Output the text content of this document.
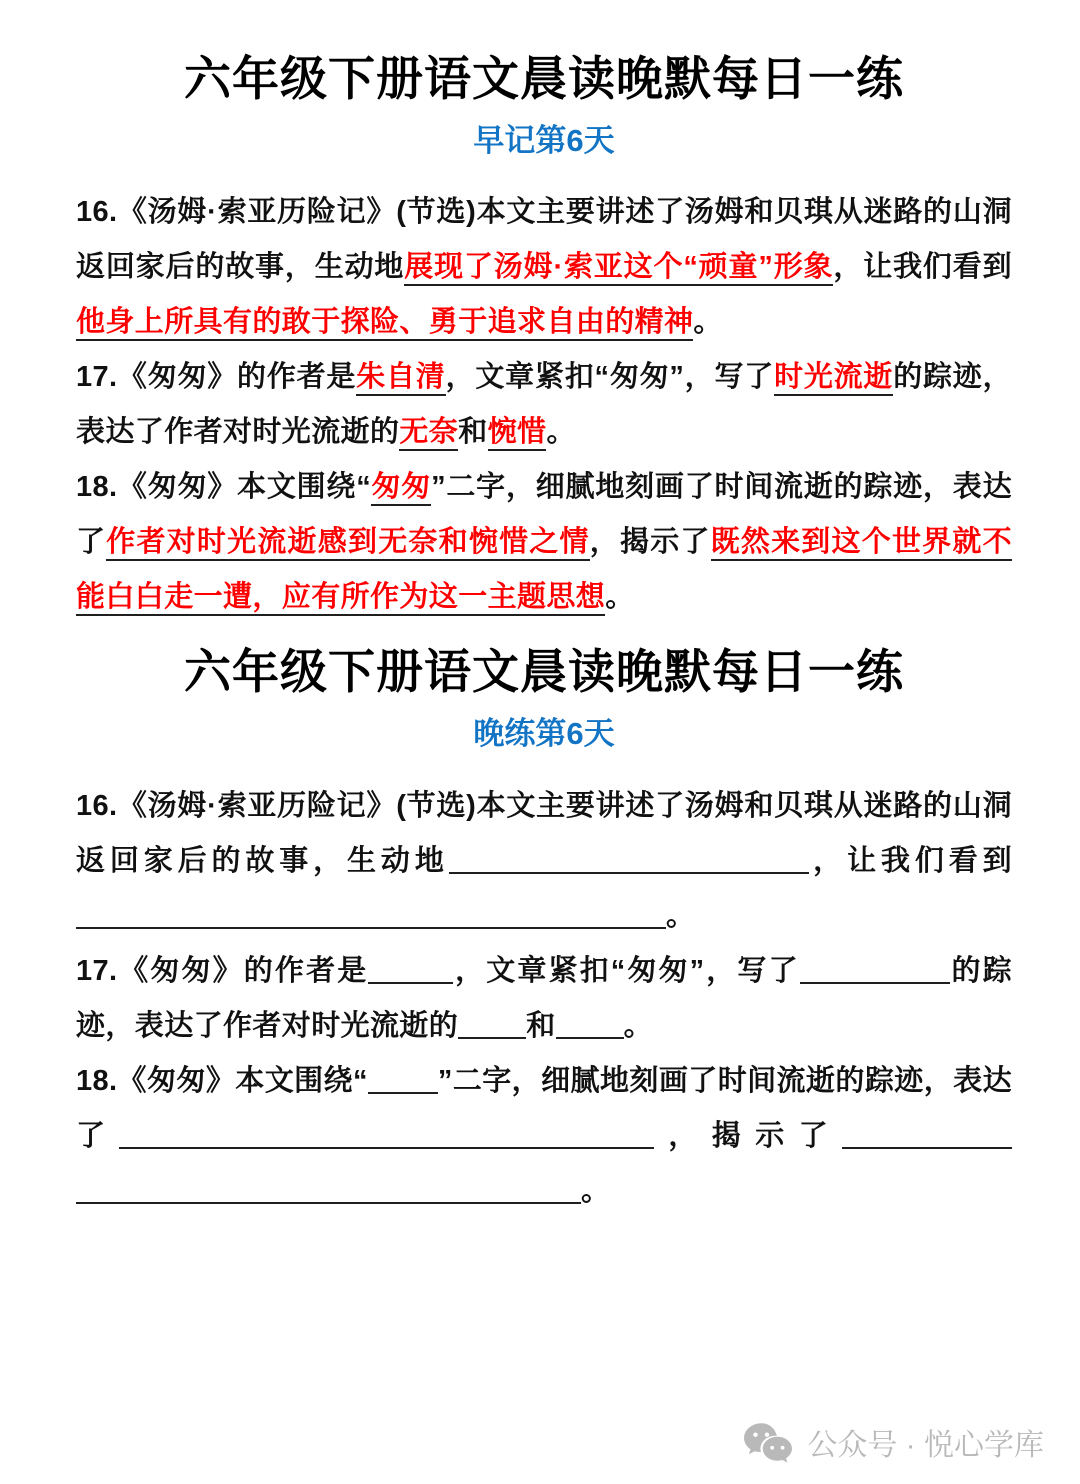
六年级下册语文晨读晚默每日一练
早记第6天

16.《汤姆·索亚历险记》(节选)本文主要讲述了汤姆和贝琪从迷路的山洞返回家后的故事，生动地展现了汤姆·索亚这个“顽童”形象，让我们看到他身上所具有的敢于探险、勇于追求自由的精神。

17.《匆匆》的作者是朱自清，文章紧扣“匆匆”，写了时光流逝的踪迹，表达了作者对时光流逝的无奈和惋惜。

18.《匆匆》本文围绕“匆匆”二字，细腻地刻画了时间流逝的踪迹，表达了作者对时光流逝感到无奈和惋惜之情，揭示了既然来到这个世界就不能白白走一遭，应有所作为这一主题思想。

六年级下册语文晨读晚默每日一练
晚练第6天

16.《汤姆·索亚历险记》(节选)本文主要讲述了汤姆和贝琪从迷路的山洞返回家后的故事，生动地	，让我们看到。

17.《匆匆》的作者是	，文章紧扣“匆匆”，写了	的踪迹，表达了作者对时光流逝的 和 。

18.《匆匆》本文围绕“ ”二字，细腻地刻画了时间流逝的踪迹，表达了	，揭示了。

公众号 · 悦心学库
